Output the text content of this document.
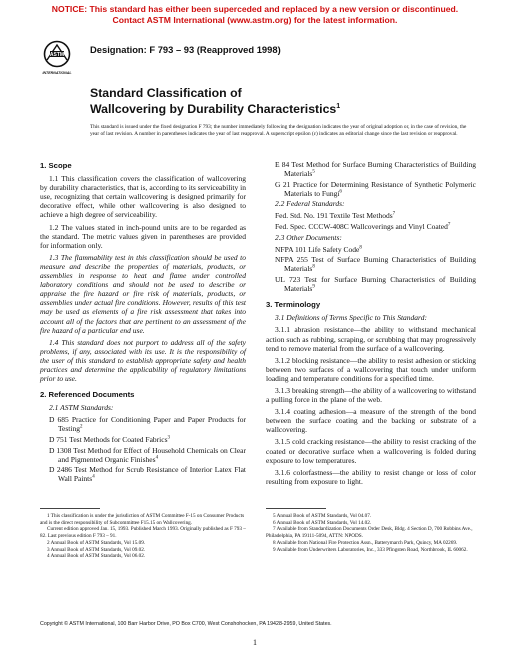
NOTICE: This standard has either been superceded and replaced by a new version or discontinued.
Contact ASTM International (www.astm.org) for the latest information.
ASTM
INTERNATIONAL
Designation: F 793 – 93 (Reapproved 1998)
Standard Classification of
Wallcovering by Durability Characteristics$^1$
This standard is issued under the fixed designation F 793; the number immediately following the designation indicates the year of original adoption or, in the case of revision, the year of last revision. A number in parentheses indicates the year of last reapproval. A superscript epsilon (ε) indicates an editorial change since the last revision or reapproval.
1. Scope

1.1 This classification covers the classification of wallcovering by durability characteristics, that is, according to its serviceability in use, recognizing that certain wallcovering is designed primarily for decorative effect, while other wallcovering is also designed to achieve a high degree of serviceability.

1.2 The values stated in inch-pound units are to be regarded as the standard. The metric values given in parentheses are provided for information only.

1.3 The flammability test in this classification should be used to measure and describe the properties of materials, products, or assemblies in response to heat and flame under controlled laboratory conditions and should not be used to describe or appraise the fire hazard or fire risk of materials, products, or assemblies under actual fire conditions. However, results of this test may be used as elements of a fire risk assessment that takes into account all of the factors that are pertinent to an assessment of the fire hazard of a particular end use.

1.4 This standard does not purport to address all of the safety problems, if any, associated with its use. It is the responsibility of the user of this standard to establish appropriate safety and health practices and determine the applicability of regulatory limitations prior to use.

2. Referenced Documents

2.1 ASTM Standards:

D 685 Practice for Conditioning Paper and Paper Products for Testing$^2$
D 751 Test Methods for Coated Fabrics$^3$
D 1308 Test Method for Effect of Household Chemicals on Clear and Pigmented Organic Finishes$^4$
D 2486 Test Method for Scrub Resistance of Interior Latex Flat Wall Paints$^4$
E 84 Test Method for Surface Burning Characteristics of Building Materials$^5$
G 21 Practice for Determining Resistance of Synthetic Polymeric Materials to Fungi$^6$

2.2 Federal Standards:

Fed. Std. No. 191 Textile Test Methods$^7$
Fed. Spec. CCCW-408C Wallcoverings and Vinyl Coated$^7$

2.3 Other Documents:

NFPA 101 Life Safety Code$^8$
NFPA 255 Test of Surface Burning Characteristics of Building Materials$^8$
UL 723 Test for Surface Burning Characteristics of Building Materials$^9$
3. Terminology

3.1 Definitions of Terms Specific to This Standard:

3.1.1 abrasion resistance—the ability to withstand mechanical action such as rubbing, scraping, or scrubbing that may progressively tend to remove material from the surface of a wallcovering.

3.1.2 blocking resistance—the ability to resist adhesion or sticking between two surfaces of a wallcovering that touch under uniform loading and temperature conditions for a specified time.

3.1.3 breaking strength—the ability of a wallcovering to withstand a pulling force in the plane of the web.

3.1.4 coating adhesion—a measure of the strength of the bond between the surface coating and the backing or substrate of a wallcovering.

3.1.5 cold cracking resistance—the ability to resist cracking of the coated or decorative surface when a wallcovering is folded during exposure to low temperatures.

3.1.6 colorfastness—the ability to resist change or loss of color resulting from exposure to light.

1 This classification is under the jurisdiction of ASTM Committee F-15 on Consumer Products and is the direct responsibility of Subcommittee F15.15 on Wallcovering.
Current edition approved Jan. 15, 1993. Published March 1993. Originally published as F 793 – 82. Last previous edition F 793 – 91.
2 Annual Book of ASTM Standards, Vol 15.09.
3 Annual Book of ASTM Standards, Vol 09.02.
4 Annual Book of ASTM Standards, Vol 06.02.
5 Annual Book of ASTM Standards, Vol 04.07.
6 Annual Book of ASTM Standards, Vol 14.02.
7 Available from Standardization Documents Order Desk, Bldg. 4 Section D, 700 Robbins Ave., Philadelphia, PA 19111-5094, ATTN: NPODS.
8 Available from National Fire Protection Assn., Batterymarch Park, Quincy, MA 02269.
9 Available from Underwriters Laboratories, Inc., 333 Pfingsten Road, Northbrook, IL 60062.
Copyright © ASTM International, 100 Barr Harbor Drive, PO Box C700, West Conshohocken, PA 19428-2959, United States.
1
